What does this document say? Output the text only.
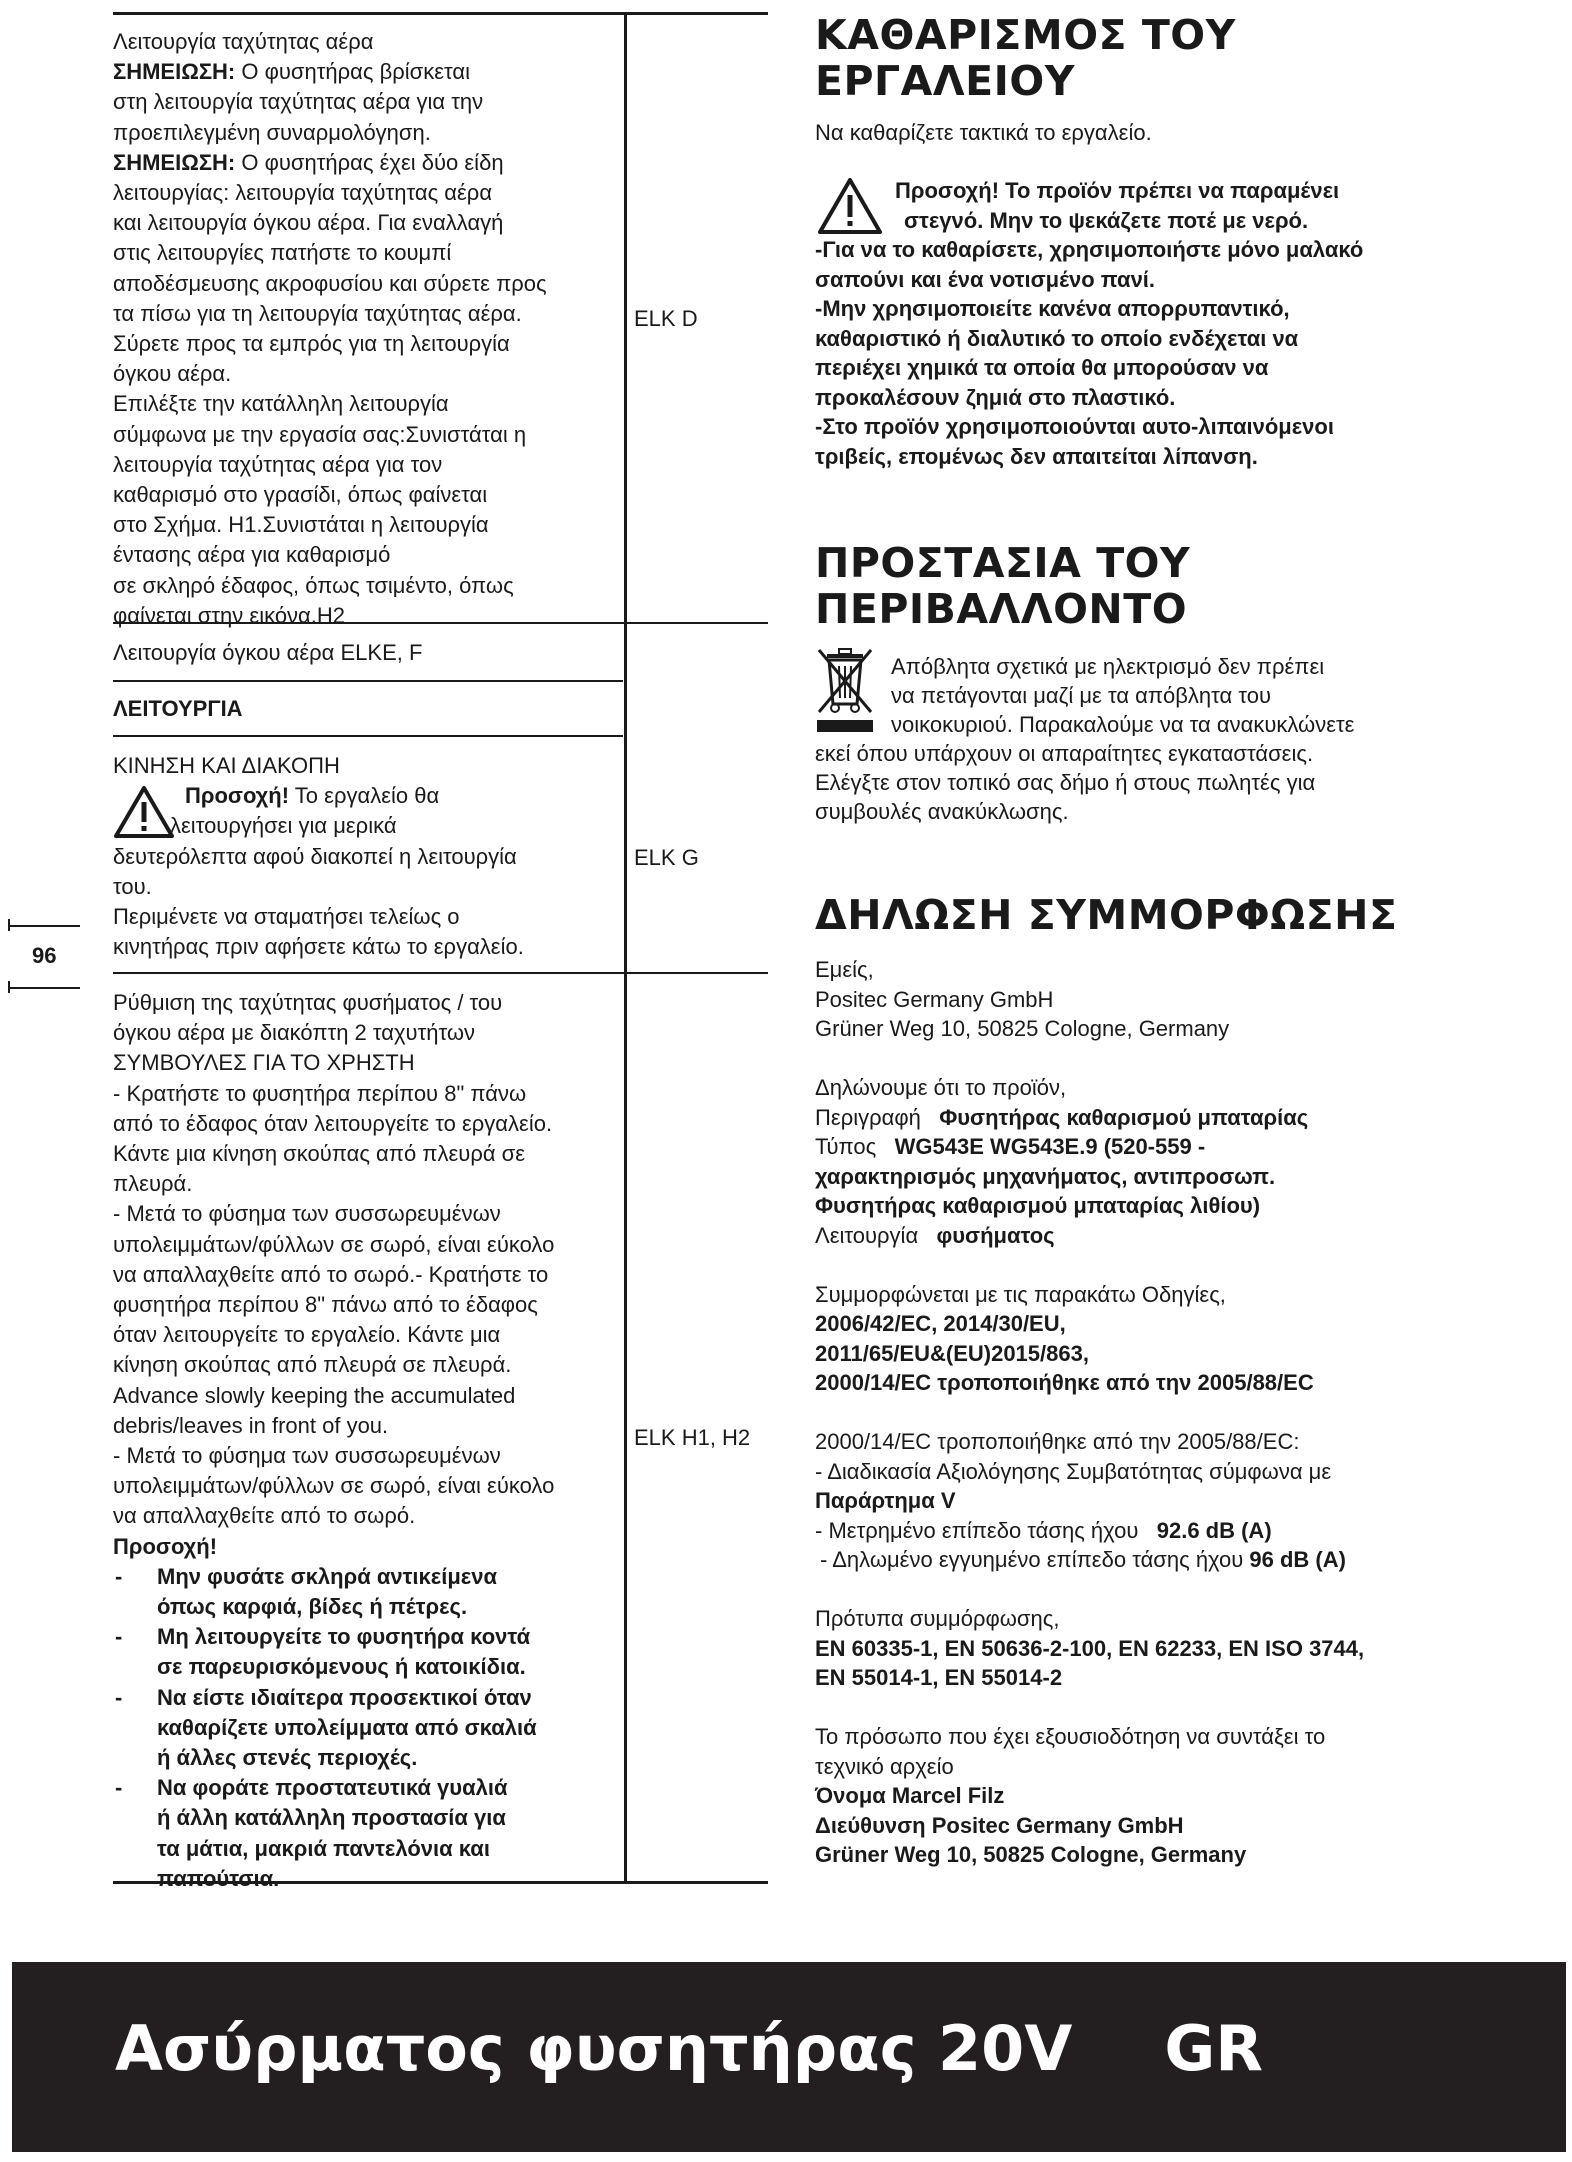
Λειτουργία ταχύτητας αέρα

ΣΗΜΕΙΩΣΗ: Ο φυσητήρας βρίσκεται

στη λειτουργία ταχύτητας αέρα για την

προεπιλεγμένη συναρμολόγηση.

ΣΗΜΕΙΩΣΗ: Ο φυσητήρας έχει δύο είδη

λειτουργίας: λειτουργία ταχύτητας αέρα

και λειτουργία όγκου αέρα. Για εναλλαγή

στις λειτουργίες πατήστε το κουμπί

αποδέσμευσης ακροφυσίου και σύρετε προς

τα πίσω για τη λειτουργία ταχύτητας αέρα.

Σύρετε προς τα εμπρός για τη λειτουργία

όγκου αέρα.

Επιλέξτε την κατάλληλη λειτουργία

σύμφωνα με την εργασία σας:Συνιστάται η

λειτουργία ταχύτητας αέρα για τον

καθαρισμό στο γρασίδι, όπως φαίνεται

στο Σχήμα. H1.Συνιστάται η λειτουργία

έντασης αέρα για καθαρισμό

σε σκληρό έδαφος, όπως τσιμέντο, όπως

φαίνεται στην εικόνα.H2

ELK D
Λειτουργία όγκου αέρα ELKE, F
ΛΕΙΤΟΥΡΓΙΑ

ΚΙΝΗΣΗ ΚΑΙ ΔΙΑΚΟΠΗ

Προσοχή! Το εργαλείο θα

λειτουργήσει για μερικά

δευτερόλεπτα αφού διακοπεί η λειτουργία

του.

Περιμένετε να σταματήσει τελείως ο

κινητήρας πριν αφήσετε κάτω το εργαλείο.

ELK G

Ρύθμιση της ταχύτητας φυσήματος / του

όγκου αέρα με διακόπτη 2 ταχυτήτων

ΣΥΜΒΟΥΛΕΣ ΓΙΑ ΤΟ ΧΡΗΣΤΗ

- Κρατήστε το φυσητήρα περίπου 8" πάνω

από το έδαφος όταν λειτουργείτε το εργαλείο.

Κάντε μια κίνηση σκούπας από πλευρά σε

πλευρά.

- Μετά το φύσημα των συσσωρευμένων

υπολειμμάτων/φύλλων σε σωρό, είναι εύκολο

να απαλλαχθείτε από το σωρό.- Κρατήστε το

φυσητήρα περίπου 8" πάνω από το έδαφος

όταν λειτουργείτε το εργαλείο. Κάντε μια

κίνηση σκούπας από πλευρά σε πλευρά.

Advance slowly keeping the accumulated

debris/leaves in front of you.

- Μετά το φύσημα των συσσωρευμένων

υπολειμμάτων/φύλλων σε σωρό, είναι εύκολο

να απαλλαχθείτε από το σωρό.

Προσοχή!

- Μην φυσάτε σκληρά αντικείμενα
όπως καρφιά, βίδες ή πέτρες.
- Μη λειτουργείτε το φυσητήρα κοντά
σε παρευρισκόμενους ή κατοικίδια.
- Να είστε ιδιαίτερα προσεκτικοί όταν
καθαρίζετε υπολείμματα από σκαλιά
ή άλλες στενές περιοχές.
- Να φοράτε προστατευτικά γυαλιά
ή άλλη κατάλληλη προστασία για
τα μάτια, μακριά παντελόνια και
παπούτσια.
ELK H1, H2
96
ΚΑΘΑΡΙΣΜΟΣ ΤΟΥ
ΕΡΓΑΛΕΙΟΥ
Να καθαρίζετε τακτικά το εργαλείο.

Προσοχή! Το προϊόν πρέπει να παραμένει

στεγνό. Μην το ψεκάζετε ποτέ με νερό.

-Για να το καθαρίσετε, χρησιμοποιήστε μόνο μαλακό

σαπούνι και ένα νοτισμένο πανί.

-Μην χρησιμοποιείτε κανένα απορρυπαντικό,

καθαριστικό ή διαλυτικό το οποίο ενδέχεται να

περιέχει χημικά τα οποία θα μπορούσαν να

προκαλέσουν ζημιά στο πλαστικό.

-Στο προϊόν χρησιμοποιούνται αυτο-λιπαινόμενοι

τριβείς, επομένως δεν απαιτείται λίπανση.

ΠΡΟΣΤΑΣΙΑ ΤΟΥ
ΠΕΡΙΒΑΛΛΟΝΤΟ

Απόβλητα σχετικά με ηλεκτρισμό δεν πρέπει

να πετάγονται μαζί με τα απόβλητα του

νοικοκυριού. Παρακαλούμε να τα ανακυκλώνετε

εκεί όπου υπάρχουν οι απαραίτητες εγκαταστάσεις.

Ελέγξτε στον τοπικό σας δήμο ή στους πωλητές για

συμβουλές ανακύκλωσης.

ΔΗΛΩΣΗ ΣΥΜΜΟΡΦΩΣΗΣ

Εμείς,

Positec Germany GmbH

Grüner Weg 10, 50825 Cologne, Germany

Δηλώνουμε ότι το προϊόν,

Περιγραφή Φυσητήρας καθαρισμού μπαταρίας

Τύπος WG543E WG543E.9 (520-559 -

χαρακτηρισμός μηχανήματος, αντιπροσωπ.

Φυσητήρας καθαρισμού μπαταρίας λιθίου)

Λειτουργία φυσήματος

Συμμορφώνεται με τις παρακάτω Οδηγίες,

2006/42/EC, 2014/30/EU,

2011/65/EU&(EU)2015/863,

2000/14/EC τροποποιήθηκε από την 2005/88/EC

2000/14/EC τροποποιήθηκε από την 2005/88/EC:

- Διαδικασία Αξιολόγησης Συμβατότητας σύμφωνα με

Παράρτημα V

- Μετρημένο επίπεδο τάσης ήχου 92.6 dB (A)

- Δηλωμένο εγγυημένο επίπεδο τάσης ήχου 96 dB (A)

Πρότυπα συμμόρφωσης,

EN 60335-1, EN 50636-2-100, EN 62233, EN ISO 3744,

EN 55014-1, EN 55014-2

Το πρόσωπο που έχει εξουσιοδότηση να συντάξει το

τεχνικό αρχείο

Όνομα Marcel Filz

Διεύθυνση Positec Germany GmbH

Grüner Weg 10, 50825 Cologne, Germany

Ασύρματος φυσητήρας 20V GR
